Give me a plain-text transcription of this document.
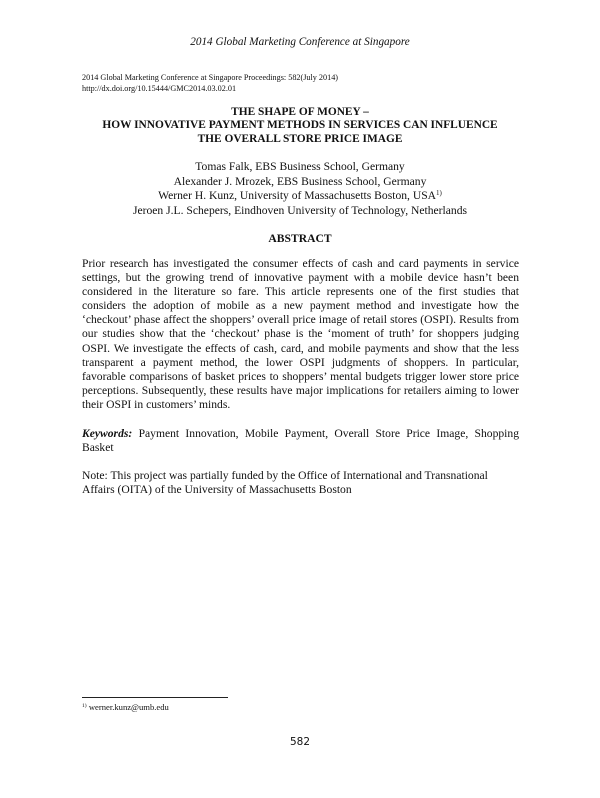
2014 Global Marketing Conference at Singapore
2014 Global Marketing Conference at Singapore Proceedings: 582(July 2014)
http://dx.doi.org/10.15444/GMC2014.03.02.01
THE SHAPE OF MONEY –
HOW INNOVATIVE PAYMENT METHODS IN SERVICES CAN INFLUENCE
THE OVERALL STORE PRICE IMAGE
Tomas Falk, EBS Business School, Germany
Alexander J. Mrozek, EBS Business School, Germany
Werner H. Kunz, University of Massachusetts Boston, USA$^{1)}$
Jeroen J.L. Schepers, Eindhoven University of Technology, Netherlands
ABSTRACT
Prior research has investigated the consumer effects of cash and card payments in service settings, but the growing trend of innovative payment with a mobile device hasn’t been considered in the literature so fare. This article represents one of the first studies that considers the adoption of mobile as a new payment method and investigate how the ‘checkout’ phase affect the shoppers’ overall price image of retail stores (OSPI). Results from our studies show that the ‘checkout’ phase is the ‘moment of truth’ for shoppers judging OSPI. We investigate the effects of cash, card, and mobile payments and show that the less transparent a payment method, the lower OSPI judgments of shoppers. In particular, favorable comparisons of basket prices to shoppers’ mental budgets trigger lower store price perceptions. Subsequently, these results have major implications for retailers aiming to lower their OSPI in customers’ minds.
Keywords: Payment Innovation, Mobile Payment, Overall Store Price Image, Shopping Basket
Note: This project was partially funded by the Office of International and Transnational Affairs (OITA) of the University of Massachusetts Boston
$^{1)}$ werner.kunz@umb.edu
582
